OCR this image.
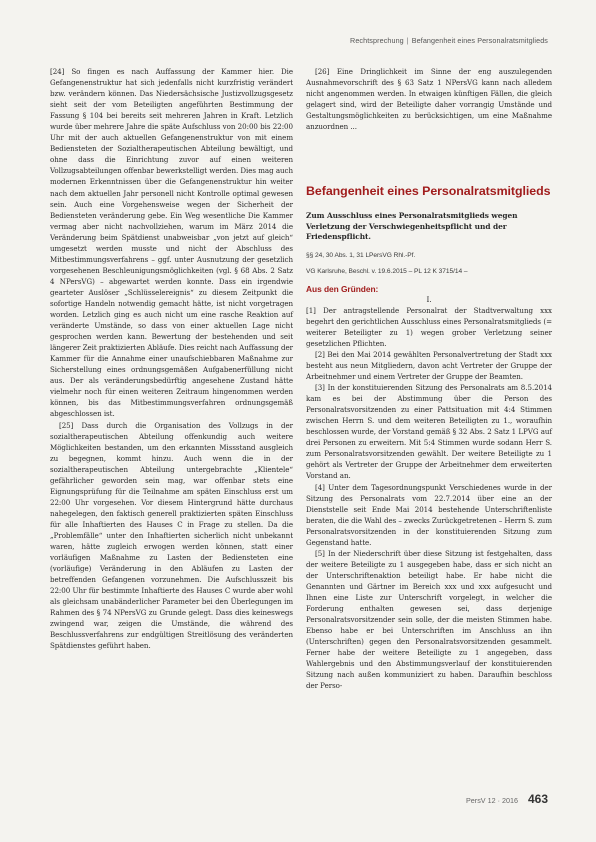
Rechtsprechung | Befangenheit eines Personalratsmitglieds

[24] So fingen es nach Auffassung der Kammer hier. Die Gefangenenstruktur hat sich jedenfalls nicht kurzfristig verändert bzw. verändern können. Das Niedersächsische Justizvollzugsgesetz sieht seit der vom Beteiligten angeführten Bestimmung der Fassung § 104 bei bereits seit mehreren Jahren in Kraft. Letzlich wurde über mehrere Jahre die späte Aufschluss von 20:00 bis 22:00 Uhr mit der auch aktuellen Gefangenenstruktur von mit einem Bediensteten der Sozialtherapeutischen Abteilung bewältigt, und ohne dass die Einrichtung zuvor auf einen weiteren Vollzugsabteilungen offenbar bewerkstelligt werden. Dies mag auch modernen Erkenntnissen über die Gefangenenstruktur hin weiter nach dem aktuellen Jahr personell nicht Kontrolle optimal gewesen sein. Auch eine Vorgehensweise wegen der Sicherheit der Bediensteten veränderung gebe. Ein Weg wesentliche Die Kammer vermag aber nicht nachvollziehen, warum im März 2014 die Veränderung beim Spätdienst unabweisbar „von jetzt auf gleich“ umgesetzt werden musste und nicht der Abschluss des Mitbestimmungsverfahrens – ggf. unter Ausnutzung der gesetzlich vorgesehenen Beschleunigungsmöglichkeiten (vgl. § 68 Abs. 2 Satz 4 NPersVG) – abgewartet werden konnte. Dass ein irgendwie gearteter Auslöser „Schlüsselereignis“ zu diesem Zeitpunkt die sofortige Handeln notwendig gemacht hätte, ist nicht vorgetragen worden. Letzlich ging es auch nicht um eine rasche Reaktion auf veränderte Umstände, so dass von einer aktuellen Lage nicht gesprochen werden kann. Bewertung der bestehenden und seit längerer Zeit praktizierten Abläufe. Dies reicht nach Auffassung der Kammer für die Annahme einer unaufschiebbaren Maßnahme zur Sicherstellung eines ordnungsgemäßen Aufgabenerfüllung nicht aus. Der als veränderungsbedürftig angesehene Zustand hätte vielmehr noch für einen weiteren Zeitraum hingenommen werden können, bis das Mitbestimmungsverfahren ordnungsgemäß abgeschlossen ist.

[25] Dass durch die Organisation des Vollzugs in der sozialtherapeutischen Abteilung offenkundig auch weitere Möglichkeiten bestanden, um den erkannten Missstand ausgleich zu begegnen, kommt hinzu. Auch wenn die in der sozialtherapeutischen Abteilung untergebrachte „Klientele“ gefährlicher geworden sein mag, war offenbar stets eine Eignungsprüfung für die Teilnahme am späten Einschluss erst um 22:00 Uhr vorgesehen. Vor diesem Hintergrund hätte durchaus nahegelegen, den faktisch generell praktizierten späten Einschluss für alle Inhaftierten des Hauses C in Frage zu stellen. Da die „Problemfälle“ unter den Inhaftierten sicherlich nicht unbekannt waren, hätte zugleich erwogen werden können, statt einer vorläufigen Maßnahme zu Lasten der Bediensteten eine (vorläufige) Veränderung in den Abläufen zu Lasten der betreffenden Gefangenen vorzunehmen. Die Aufschlusszeit bis 22:00 Uhr für bestimmte Inhaftierte des Hauses C wurde aber wohl als gleichsam unabänderlicher Parameter bei den Überlegungen im Rahmen des § 74 NPersVG zu Grunde gelegt. Dass dies keineswegs zwingend war, zeigen die Umstände, die während des Beschlussverfahrens zur endgültigen Streitlösung des veränderten Spätdienstes geführt haben.

[26] Eine Dringlichkeit im Sinne der eng auszulegenden Ausnahmevorschrift des § 63 Satz 1 NPersVG kann nach alledem nicht angenommen werden. In etwaigen künftigen Fällen, die gleich gelagert sind, wird der Beteiligte daher vorrangig Umstände und Gestaltungsmöglichkeiten zu berücksichtigen, um eine Maßnahme anzuordnen ...

Befangenheit eines Personalratsmitglieds
Zum Ausschluss eines Personalratsmitglieds wegen Verletzung der Verschwiegenheitspflicht und der Friedenspflicht.
§§ 24, 30 Abs. 1, 31 LPersVG Rhl.-Pf.
VG Karlsruhe, Beschl. v. 19.6.2015 – PL 12 K 3715/14 –
Aus den Gründen:
I.

[1] Der antragstellende Personalrat der Stadtverwaltung xxx begehrt den gerichtlichen Ausschluss eines Personalratsmitglieds (= weiterer Beteiligter zu 1) wegen grober Verletzung seiner gesetzlichen Pflichten.

[2] Bei den Mai 2014 gewählten Personalvertretung der Stadt xxx besteht aus neun Mitgliedern, davon acht Vertreter der Gruppe der Arbeitnehmer und einem Vertreter der Gruppe der Beamten.

[3] In der konstituierenden Sitzung des Personalrats am 8.5.2014 kam es bei der Abstimmung über die Person des Personalratsvorsitzenden zu einer Pattsituation mit 4:4 Stimmen zwischen Herrn S. und dem weiteren Beteiligten zu 1., woraufhin beschlossen wurde, der Vorstand gemäß § 32 Abs. 2 Satz 1 LPVG auf drei Personen zu erweitern. Mit 5:4 Stimmen wurde sodann Herr S. zum Personalratsvorsitzenden gewählt. Der weitere Beteiligte zu 1 gehört als Vertreter der Gruppe der Arbeitnehmer dem erweiterten Vorstand an.

[4] Unter dem Tagesordnungspunkt Verschiedenes wurde in der Sitzung des Personalrats vom 22.7.2014 über eine an der Dienststelle seit Ende Mai 2014 bestehende Unterschriftenliste beraten, die die Wahl des – zwecks Zurückgetretenen – Herrn S. zum Personalratsvorsitzenden in der konstituierenden Sitzung zum Gegenstand hatte.

[5] In der Niederschrift über diese Sitzung ist festgehalten, dass der weitere Beteiligte zu 1 ausgegeben habe, dass er sich nicht an der Unterschriftenaktion beteiligt habe. Er habe nicht die Genannten und Gärtner im Bereich xxx und xxx aufgesucht und Ihnen eine Liste zur Unterschrift vorgelegt, in welcher die Forderung enthalten gewesen sei, dass derjenige Personalratsvorsitzender sein solle, der die meisten Stimmen habe. Ebenso habe er bei Unterschriften im Anschluss an ihn (Unterschriften) gegen den Personalratsvorsitzenden gesammelt. Ferner habe der weitere Beteiligte zu 1 angegeben, dass Wahlergebnis und den Abstimmungsverlauf der konstituierenden Sitzung nach außen kommuniziert zu haben. Daraufhin beschloss der Perso-

PersV 12 · 2016 463
